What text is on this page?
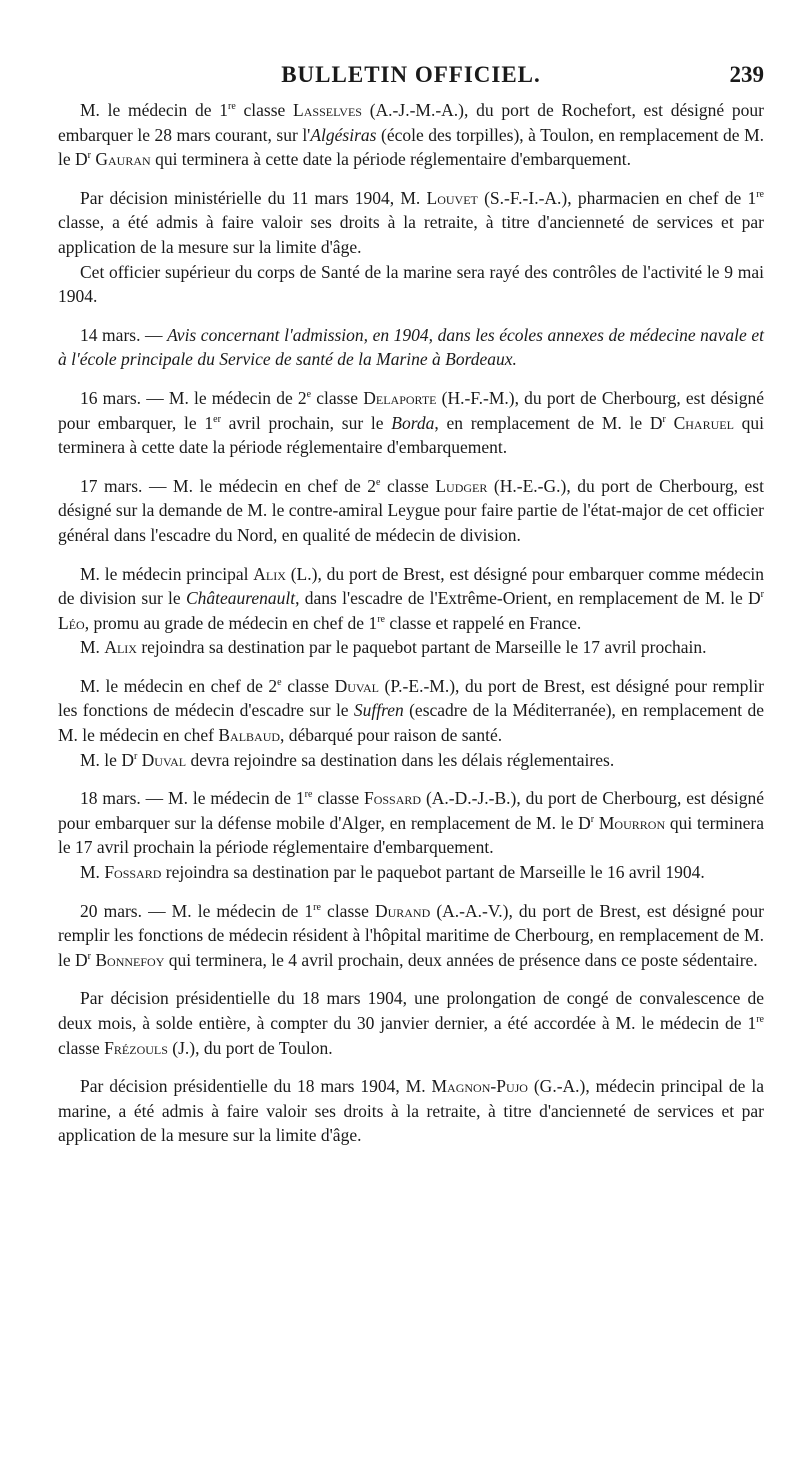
BULLETIN OFFICIEL.	239

M. le médecin de 1re classe Lasselves (A.-J.-M.-A.), du port de Rochefort, est désigné pour embarquer le 28 mars courant, sur l'Algésiras (école des torpilles), à Toulon, en remplacement de M. le $D^r$ Gauran qui terminera à cette date la période réglementaire d'embarquement.

Par décision ministérielle du 11 mars 1904, M. Louvet (S.-F.-I.-A.), pharmacien en chef de 1re classe, a été admis à faire valoir ses droits à la retraite, à titre d'ancienneté de services et par application de la mesure sur la limite d'âge.

Cet officier supérieur du corps de Santé de la marine sera rayé des contrôles de l'activité le 9 mai 1904.

14 mars. — Avis concernant l'admission, en 1904, dans les écoles annexes de médecine navale et à l'école principale du Service de santé de la Marine à Bordeaux.

16 mars. — M. le médecin de 2e classe Delaporte (H.-F.-M.), du port de Cherbourg, est désigné pour embarquer, le 1er avril prochain, sur le Borda, en remplacement de M. le $D^r$ Charuel qui terminera à cette date la période réglementaire d'embarquement.

17 mars. — M. le médecin en chef de 2e classe Ludger (H.-E.-G.), du port de Cherbourg, est désigné sur la demande de M. le contre-amiral Leygue pour faire partie de l'état-major de cet officier général dans l'escadre du Nord, en qualité de médecin de division.

M. le médecin principal Alix (L.), du port de Brest, est désigné pour embarquer comme médecin de division sur le Châteaurenault, dans l'escadre de l'Extrême-Orient, en remplacement de M. le $D^r$ Léo, promu au grade de médecin en chef de 1re classe et rappelé en France.

M. Alix rejoindra sa destination par le paquebot partant de Marseille le 17 avril prochain.

M. le médecin en chef de 2e classe Duval (P.-E.-M.), du port de Brest, est désigné pour remplir les fonctions de médecin d'escadre sur le Suffren (escadre de la Méditerranée), en remplacement de M. le médecin en chef Balbaud, débarqué pour raison de santé.

M. le $D^r$ Duval devra rejoindre sa destination dans les délais réglementaires.

18 mars. — M. le médecin de 1re classe Fossard (A.-D.-J.-B.), du port de Cherbourg, est désigné pour embarquer sur la défense mobile d'Alger, en remplacement de M. le $D^r$ Mourron qui terminera le 17 avril prochain la période réglementaire d'embarquement.

M. Fossard rejoindra sa destination par le paquebot partant de Marseille le 16 avril 1904.

20 mars. — M. le médecin de 1re classe Durand (A.-A.-V.), du port de Brest, est désigné pour remplir les fonctions de médecin résident à l'hôpital maritime de Cherbourg, en remplacement de M. le $D^r$ Bonnefoy qui terminera, le 4 avril prochain, deux années de présence dans ce poste sédentaire.

Par décision présidentielle du 18 mars 1904, une prolongation de congé de convalescence de deux mois, à solde entière, à compter du 30 janvier dernier, a été accordée à M. le médecin de 1re classe Frézouls (J.), du port de Toulon.

Par décision présidentielle du 18 mars 1904, M. Magnon-Pujo (G.-A.), médecin principal de la marine, a été admis à faire valoir ses droits à la retraite, à titre d'ancienneté de services et par application de la mesure sur la limite d'âge.
